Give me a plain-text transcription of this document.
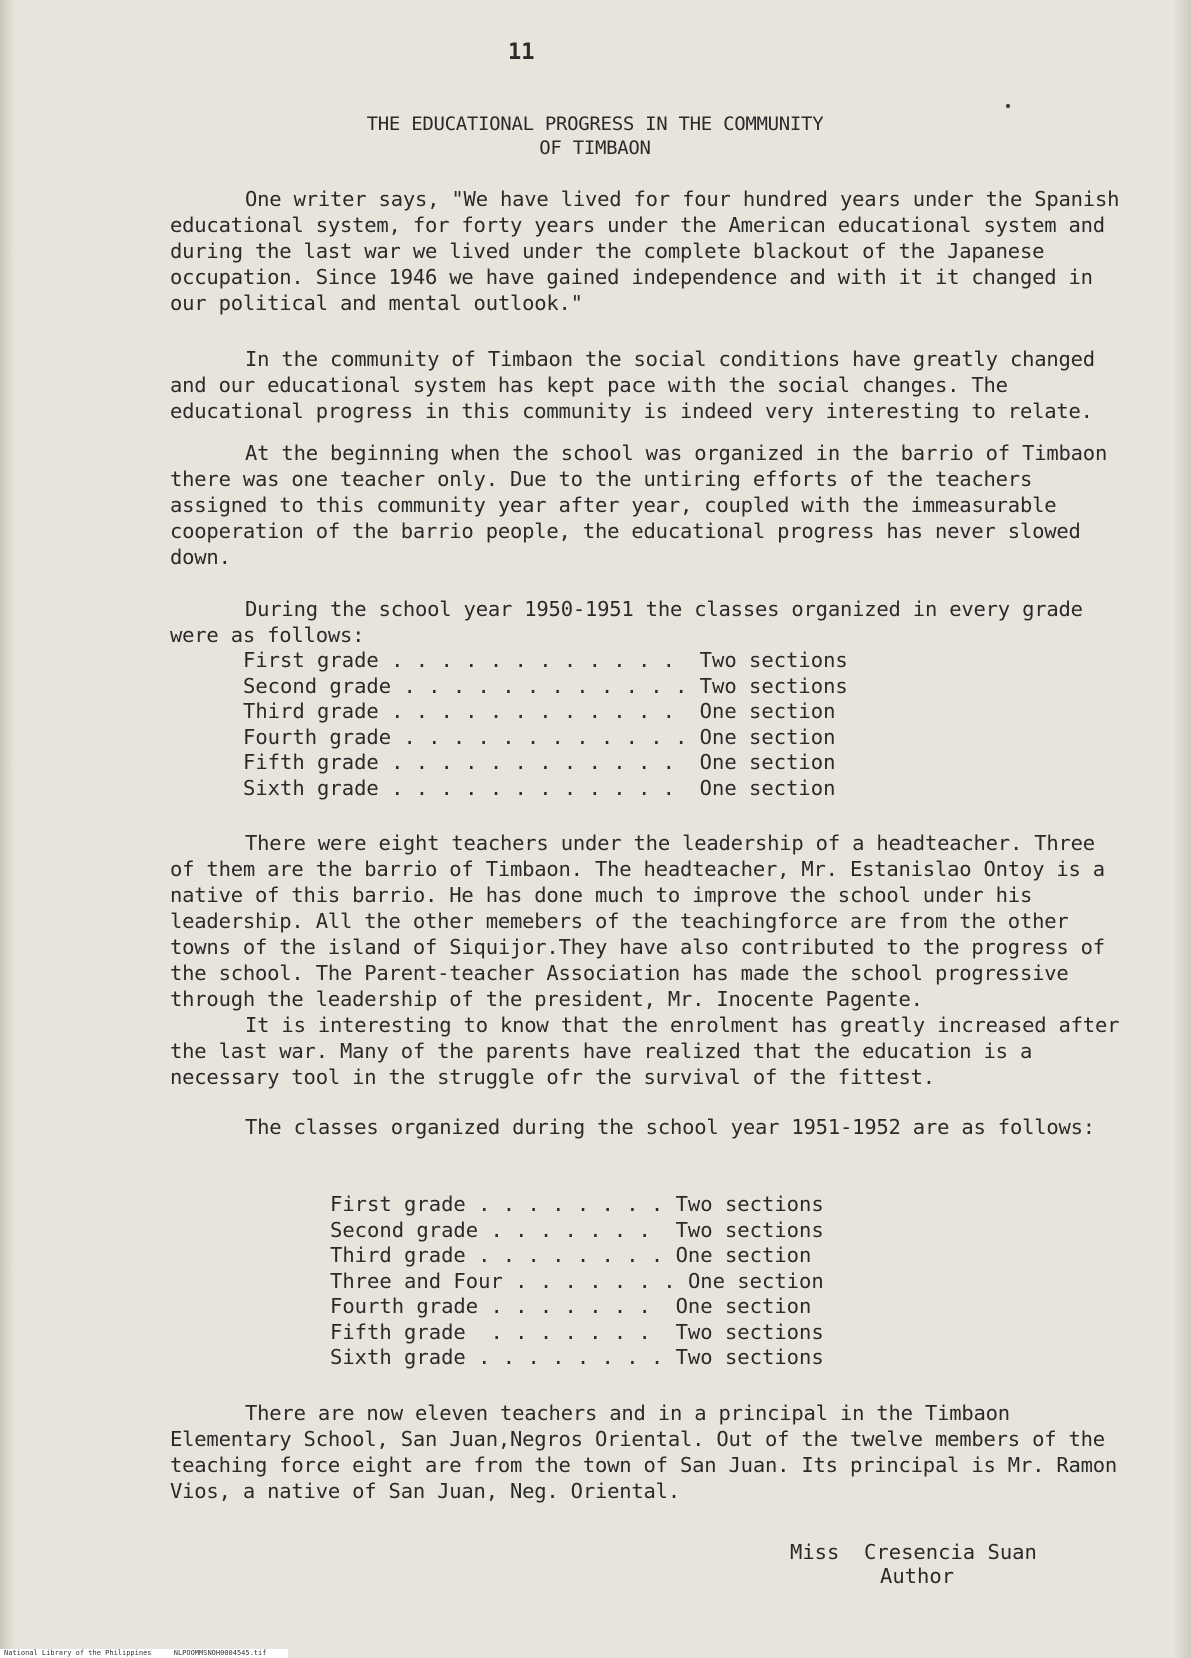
11
THE EDUCATIONAL PROGRESS IN THE COMMUNITY
OF TIMBAON
One writer says, "We have lived for four hundred years under the Spanish educational system, for forty years under the American educational system and during the last war we lived under the complete blackout of the Japanese occupation. Since 1946 we have gained independence and with it it changed in our political and mental outlook."
In the community of Timbaon the social conditions have greatly changed and our educational system has kept pace with the social changes. The educational progress in this community is indeed very interesting to relate.
At the beginning when the school was organized in the barrio of Timbaon there was one teacher only. Due to the untiring efforts of the teachers assigned to this community year after year, coupled with the immeasurable cooperation of the barrio people, the educational progress has never slowed down.
During the school year 1950-1951 the classes organized in every grade were as follows:
First grade . . . . . . . . . . . .  Two sections
Second grade . . . . . . . . . . . . Two sections
Third grade . . . . . . . . . . . .  One section
Fourth grade . . . . . . . . . . . . One section
Fifth grade . . . . . . . . . . . .  One section
Sixth grade . . . . . . . . . . . .  One section
There were eight teachers under the leadership of a headteacher. Three of them are the barrio of Timbaon. The headteacher, Mr. Estanislao Ontoy is a native of this barrio. He has done much to improve the school under his leadership. All the other memebers of the teachingforce are from the other towns of the island of Siquijor.They have also contributed to the progress of the school. The Parent-teacher Association has made the school progressive through the leadership of the president, Mr. Inocente Pagente.
It is interesting to know that the enrolment has greatly increased after the last war. Many of the parents have realized that the education is a necessary tool in the struggle ofr the survival of the fittest.
The classes organized during the school year 1951-1952 are as follows:
First grade . . . . . . . . Two sections
Second grade . . . . . . .  Two sections
Third grade . . . . . . . . One section
Three and Four . . . . . . . One section
Fourth grade . . . . . . .  One section
Fifth grade  . . . . . . .  Two sections
Sixth grade . . . . . . . . Two sections
There are now eleven teachers and in a principal in the Timbaon Elementary School, San Juan,Negros Oriental. Out of the twelve members of the teaching force eight are from the town of San Juan. Its principal is Mr. Ramon Vios, a native of San Juan, Neg. Oriental.
Miss  Cresencia Suan
Author
National Library of the Philippines	NLPOOMMSNOH0004545.tif
